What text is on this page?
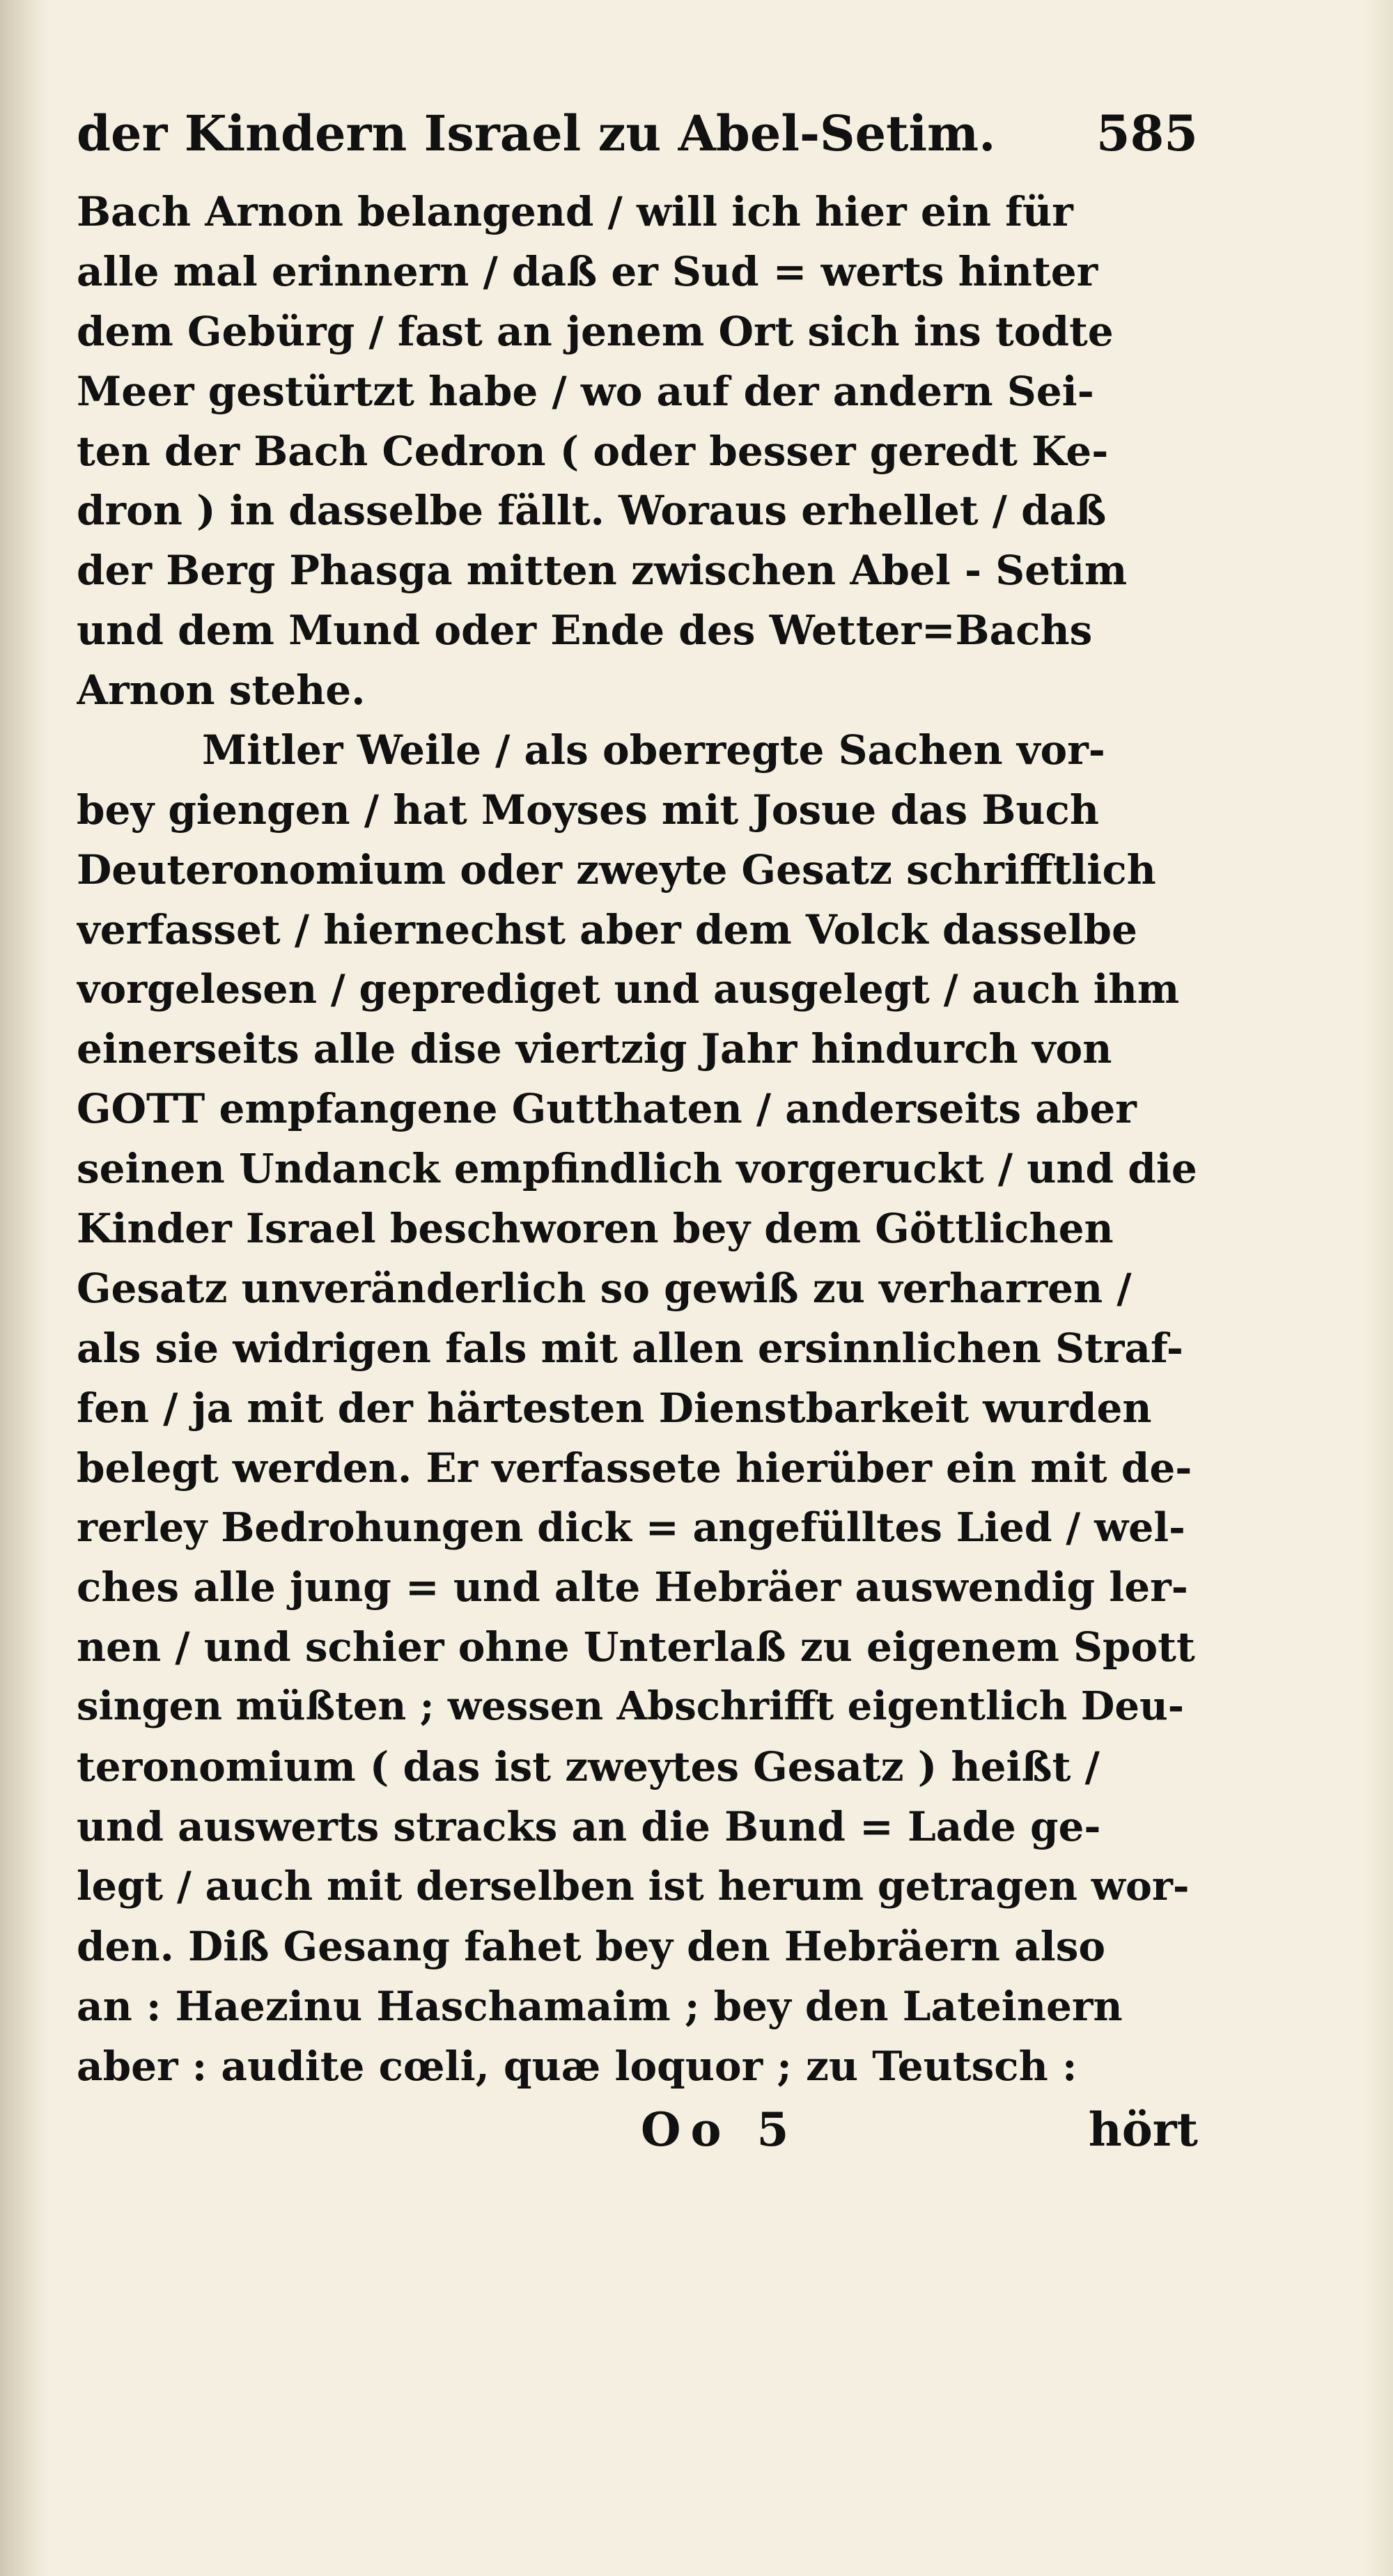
der Kindern Israel zu Abel-Setim. 585
Bach Arnon belangend / will ich hier ein für
alle mal erinnern / daß er Sud = werts hinter
dem Gebürg / fast an jenem Ort sich ins todte
Meer gestürtzt habe / wo auf der andern Sei-
ten der Bach Cedron ( oder besser geredt Ke-
dron ) in dasselbe fällt. Woraus erhellet / daß
der Berg Phasga mitten zwischen Abel - Setim
und dem Mund oder Ende des Wetter=Bachs
Arnon stehe.
Mitler Weile / als oberregte Sachen vor-
bey giengen / hat Moyses mit Josue das Buch
Deuteronomium oder zweyte Gesatz schrifftlich
verfasset / hiernechst aber dem Volck dasselbe
vorgelesen / geprediget und ausgelegt / auch ihm
einerseits alle dise viertzig Jahr hindurch von
GOTT empfangene Gutthaten / anderseits aber
seinen Undanck empfindlich vorgeruckt / und die
Kinder Israel beschworen bey dem Göttlichen
Gesatz unveränderlich so gewiß zu verharren /
als sie widrigen fals mit allen ersinnlichen Straf-
fen / ja mit der härtesten Dienstbarkeit wurden
belegt werden. Er verfassete hierüber ein mit de-
rerley Bedrohungen dick = angefülltes Lied / wel-
ches alle jung = und alte Hebräer auswendig ler-
nen / und schier ohne Unterlaß zu eigenem Spott
singen müßten ; wessen Abschrifft eigentlich Deu-
teronomium ( das ist zweytes Gesatz ) heißt /
und auswerts stracks an die Bund = Lade ge-
legt / auch mit derselben ist herum getragen wor-
den. Diß Gesang fahet bey den Hebräern also
an : Haezinu Haschamaim ; bey den Lateinern
aber : audite cœli, quæ loquor ; zu Teutsch :
Oo 5	hört
